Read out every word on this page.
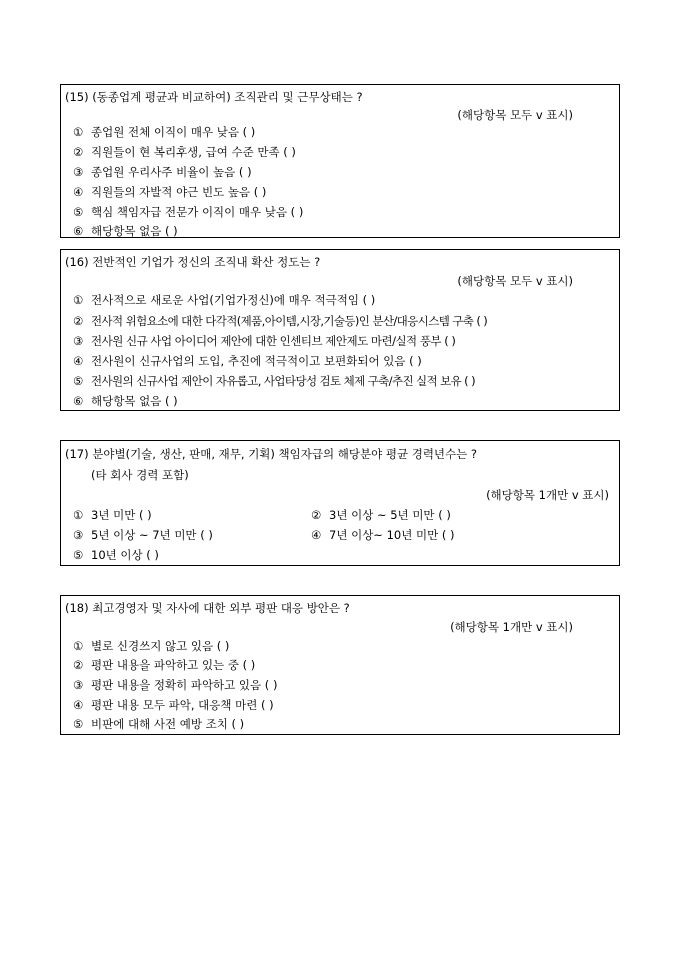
(15) (동종업계 평균과 비교하여) 조직관리 및 근무상태는 ?
(해당항목 모두 v 표시)
① 종업원 전체 이직이 매우 낮음 ( )
② 직원들이 현 복리후생, 급여 수준 만족 ( )
③ 종업원 우리사주 비율이 높음 ( )
④ 직원들의 자발적 야근 빈도 높음 ( )
⑤ 핵심 책임자급 전문가 이직이 매우 낮음 ( )
⑥ 해당항목 없음 ( )
(16) 전반적인 기업가 정신의 조직내 확산 정도는 ?
(해당항목 모두 v 표시)
① 전사적으로 새로운 사업(기업가정신)에 매우 적극적임 ( )
② 전사적 위험요소에 대한 다각적(제품,아이템,시장,기술등)인 분산/대응시스템 구축 ( )
③ 전사원 신규 사업 아이디어 제안에 대한 인센티브 제안제도 마련/실적 풍부 ( )
④ 전사원이 신규사업의 도입, 추진에 적극적이고 보편화되어 있음 ( )
⑤ 전사원의 신규사업 제안이 자유롭고, 사업타당성 검토 체제 구축/추진 실적 보유 ( )
⑥ 해당항목 없음 ( )
(17) 분야별(기술, 생산, 판매, 재무, 기획) 책임자급의 해당분야 평균 경력년수는 ?
(타 회사 경력 포함)
(해당항목 1개만 v 표시)
① 3년 미만 ( )	② 3년 이상 ~ 5년 미만 ( )
③ 5년 이상 ~ 7년 미만 ( )	④ 7년 이상~ 10년 미만 ( )
⑤ 10년 이상 ( )
(18) 최고경영자 및 자사에 대한 외부 평판 대응 방안은 ?
(해당항목 1개만 v 표시)
① 별로 신경쓰지 않고 있음 ( )
② 평판 내용을 파악하고 있는 중 ( )
③ 평판 내용을 정확히 파악하고 있음 ( )
④ 평판 내용 모두 파악, 대응책 마련 ( )
⑤ 비판에 대해 사전 예방 조치 ( )
